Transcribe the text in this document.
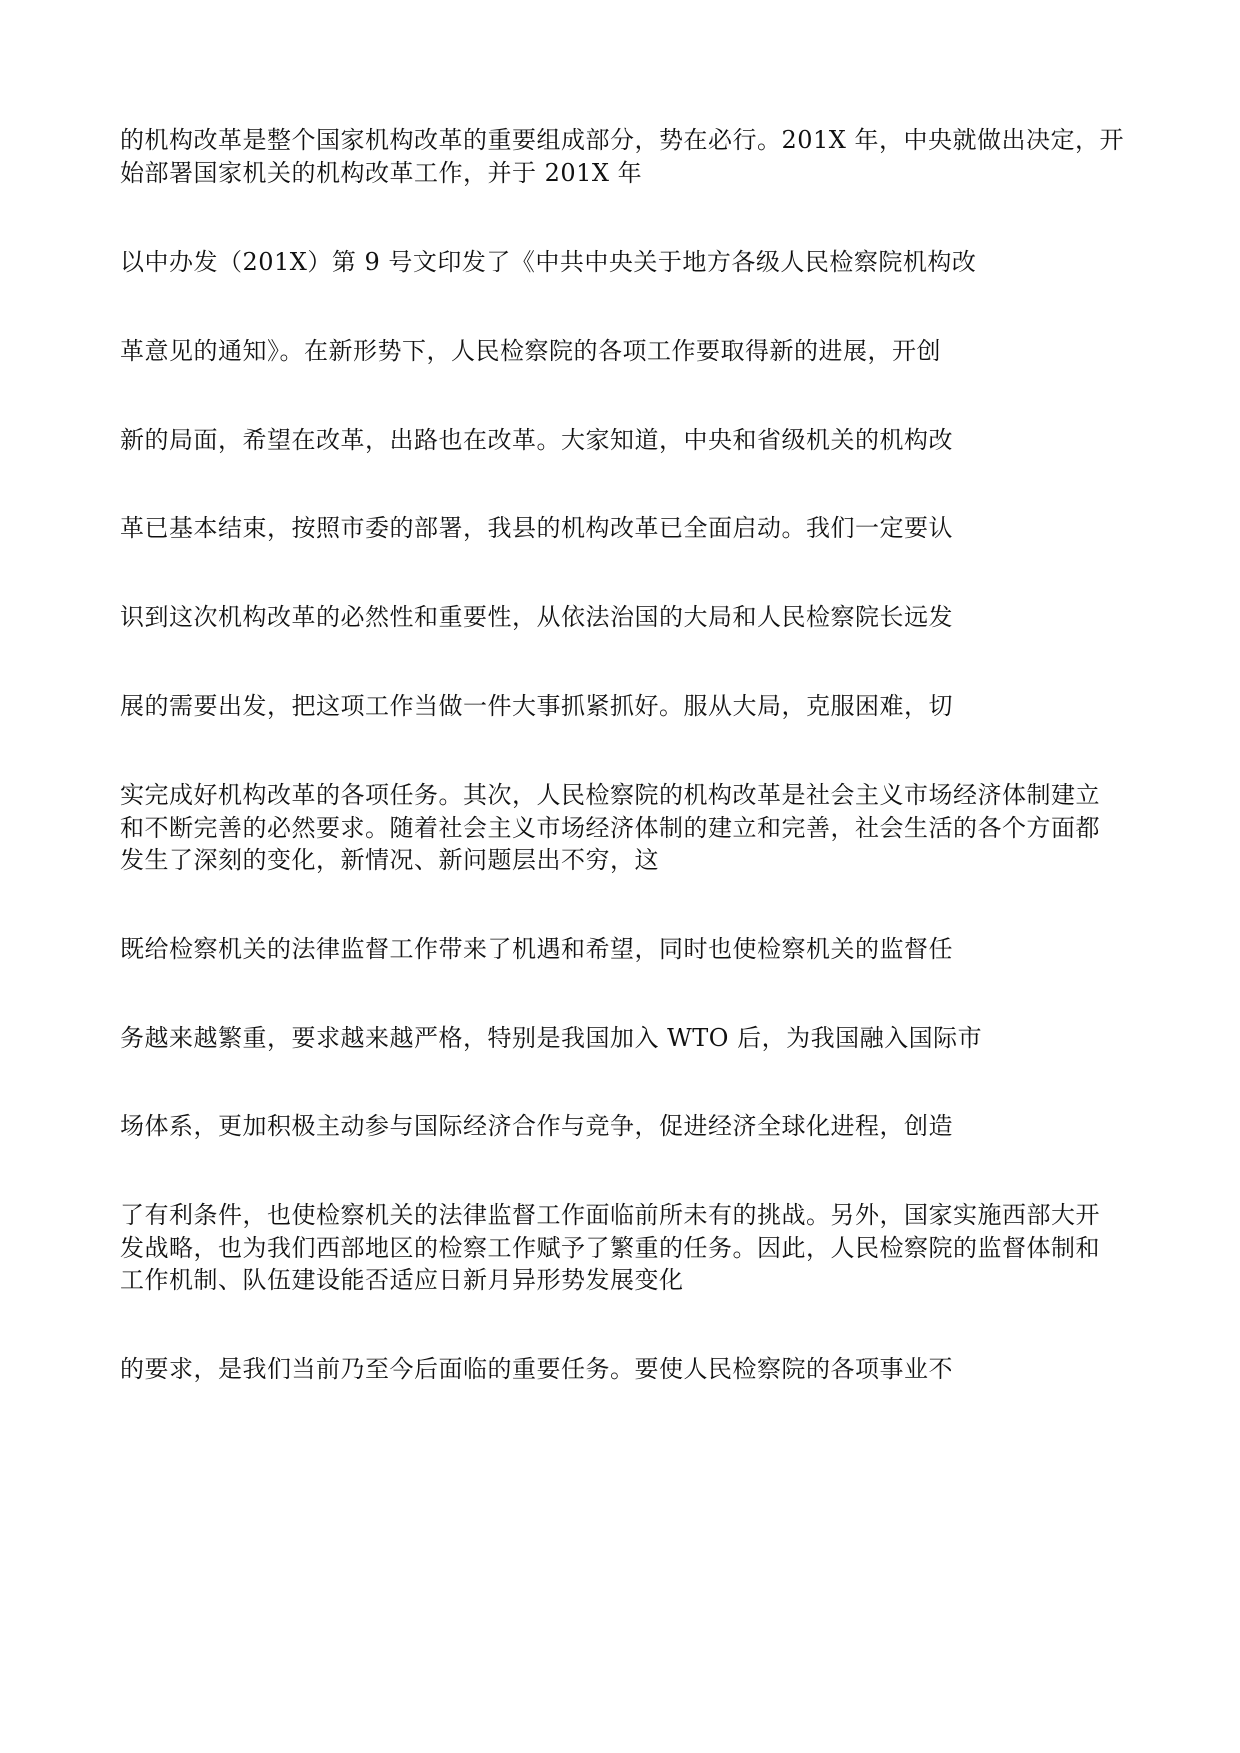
的机构改革是整个国家机构改革的重要组成部分，势在必行。201X 年，中央就做出决定，开
始部署国家机关的机构改革工作，并于 201X 年
以中办发（201X）第 9 号文印发了《中共中央关于地方各级人民检察院机构改
革意见的通知》。在新形势下，人民检察院的各项工作要取得新的进展，开创
新的局面，希望在改革，出路也在改革。大家知道，中央和省级机关的机构改
革已基本结束，按照市委的部署，我县的机构改革已全面启动。我们一定要认
识到这次机构改革的必然性和重要性，从依法治国的大局和人民检察院长远发
展的需要出发，把这项工作当做一件大事抓紧抓好。服从大局，克服困难，切
实完成好机构改革的各项任务。其次，人民检察院的机构改革是社会主义市场经济体制建立
和不断完善的必然要求。随着社会主义市场经济体制的建立和完善，社会生活的各个方面都
发生了深刻的变化，新情况、新问题层出不穷，这
既给检察机关的法律监督工作带来了机遇和希望，同时也使检察机关的监督任
务越来越繁重，要求越来越严格，特别是我国加入 WTO 后，为我国融入国际市
场体系，更加积极主动参与国际经济合作与竞争，促进经济全球化进程，创造
了有利条件，也使检察机关的法律监督工作面临前所未有的挑战。另外，国家实施西部大开
发战略，也为我们西部地区的检察工作赋予了繁重的任务。因此，人民检察院的监督体制和
工作机制、队伍建设能否适应日新月异形势发展变化
的要求，是我们当前乃至今后面临的重要任务。要使人民检察院的各项事业不
